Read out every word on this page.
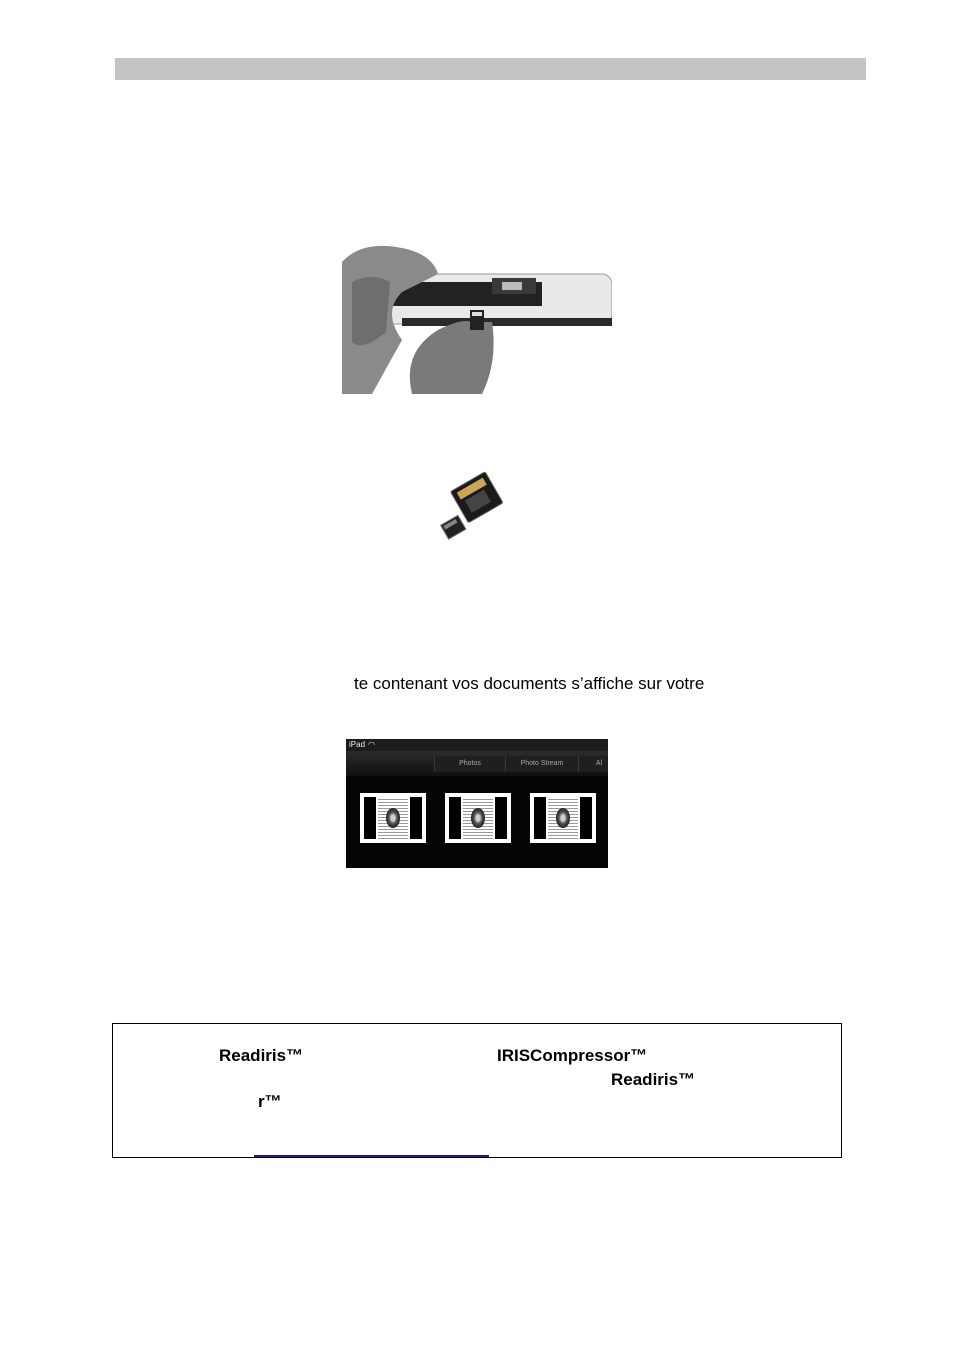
te contenant vos documents s’affiche sur votre
iPad ◠
Photos	Photo Stream	Al
Readiris™	IRISCompressor™
Readiris™
r™
